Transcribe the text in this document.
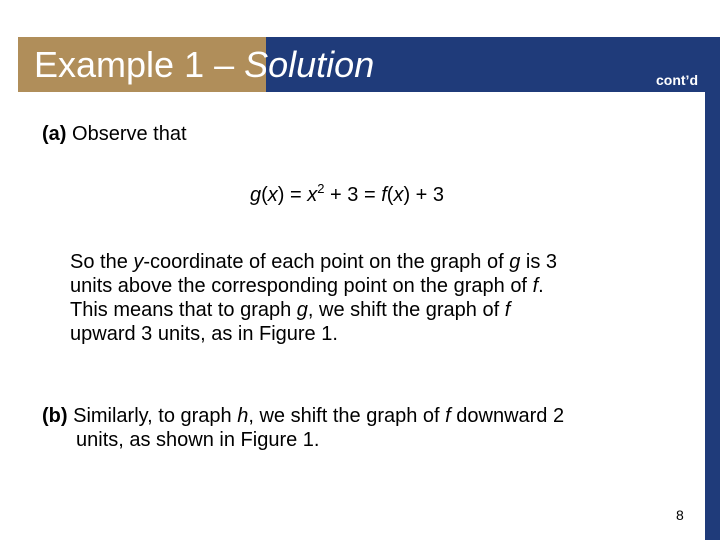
Example 1 – Solution	cont’d
(a) Observe that
$g(x) = x^2 + 3 = f(x) + 3$
So the y-coordinate of each point on the graph of g is 3
units above the corresponding point on the graph of f.
This means that to graph g, we shift the graph of f
upward 3 units, as in Figure 1.
(b) Similarly, to graph h, we shift the graph of f downward 2
units, as shown in Figure 1.
8
